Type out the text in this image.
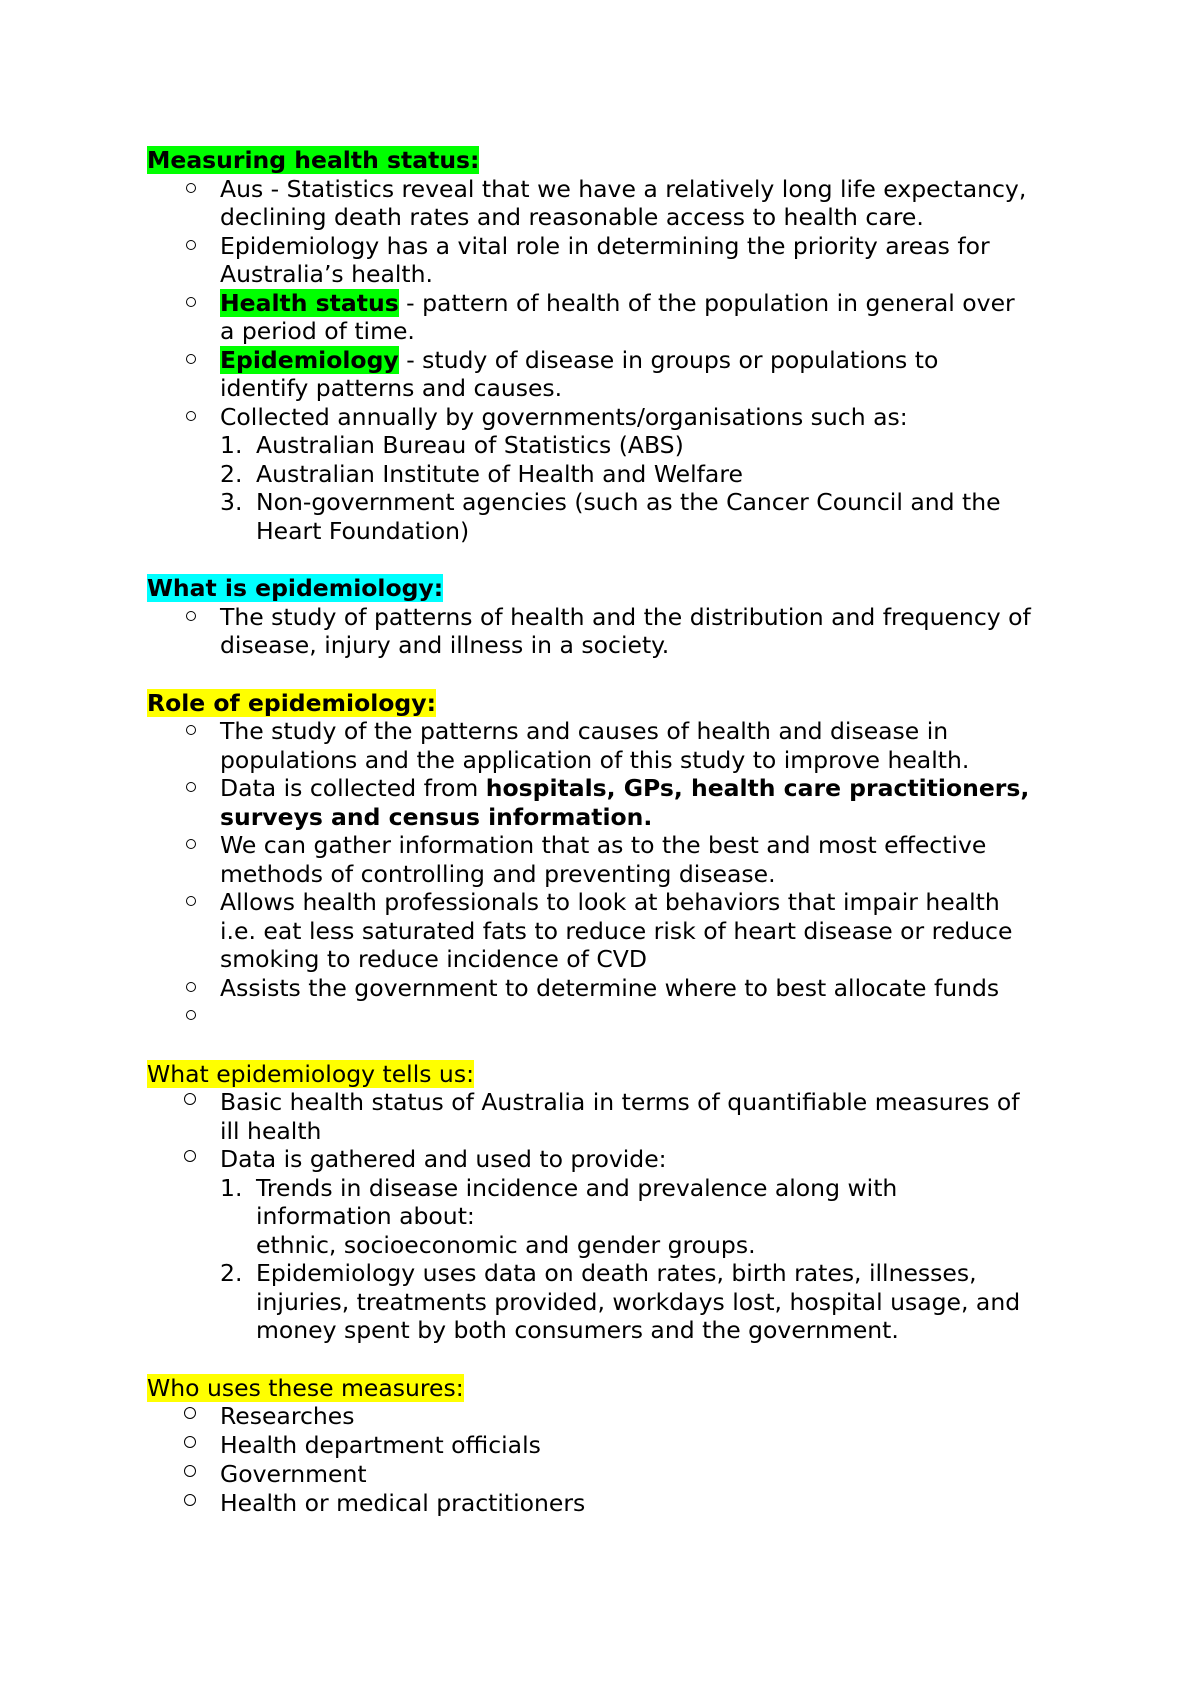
Measuring health status:
Aus - Statistics reveal that we have a relatively long life expectancy,
declining death rates and reasonable access to health care.
Epidemiology has a vital role in determining the priority areas for
Australia’s health.
Health status - pattern of health of the population in general over
a period of time.
Epidemiology - study of disease in groups or populations to
identify patterns and causes.
Collected annually by governments/organisations such as:
1. Australian Bureau of Statistics (ABS)
2. Australian Institute of Health and Welfare
3. Non-government agencies (such as the Cancer Council and the
Heart Foundation)
What is epidemiology:
The study of patterns of health and the distribution and frequency of
disease, injury and illness in a society.
Role of epidemiology:
The study of the patterns and causes of health and disease in
populations and the application of this study to improve health.
Data is collected from hospitals, GPs, health care practitioners,
surveys and census information.
We can gather information that as to the best and most effective
methods of controlling and preventing disease.
Allows health professionals to look at behaviors that impair health
i.e. eat less saturated fats to reduce risk of heart disease or reduce
smoking to reduce incidence of CVD
Assists the government to determine where to best allocate funds
What epidemiology tells us:
Basic health status of Australia in terms of quantifiable measures of
ill health
Data is gathered and used to provide:
1. Trends in disease incidence and prevalence along with
information about:
ethnic, socioeconomic and gender groups.
2. Epidemiology uses data on death rates, birth rates, illnesses,
injuries, treatments provided, workdays lost, hospital usage, and
money spent by both consumers and the government.
Who uses these measures:
Researches
Health department officials
Government
Health or medical practitioners
